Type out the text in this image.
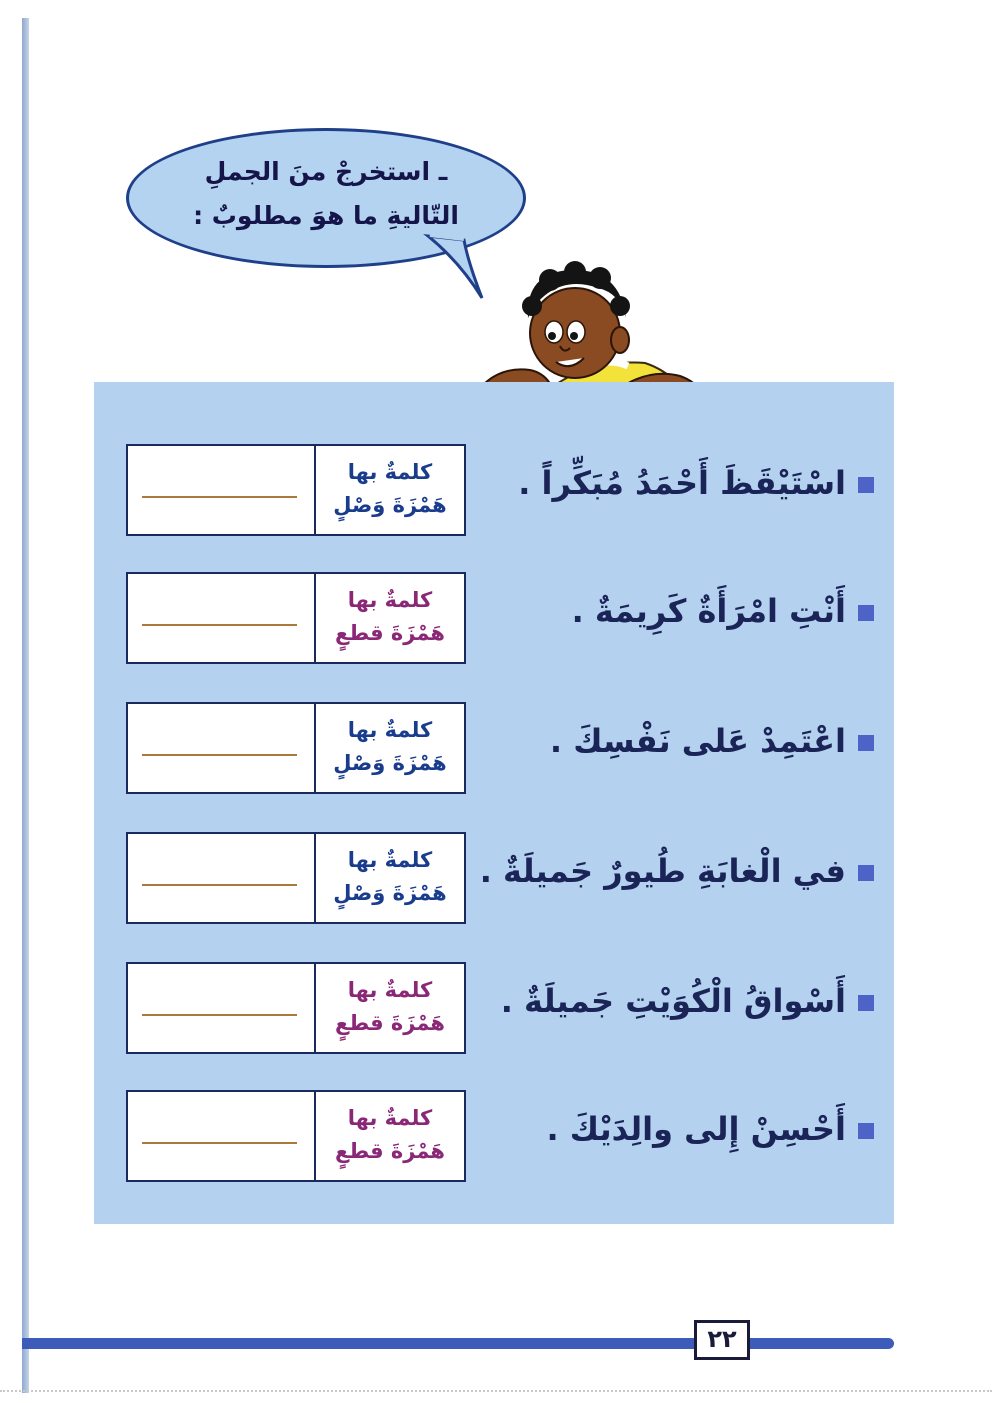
ـ استخرجْ منَ الجملِ
التّاليةِ ما هوَ مطلوبٌ :
كلمةٌ بها
هَمْزَةَ وَصْلٍ
اسْتَيْقَظَ أَحْمَدُ مُبَكِّراً .
كلمةٌ بها
هَمْزَةَ قطعٍ
أَنْتِ امْرَأَةٌ كَرِيمَةٌ .
كلمةٌ بها
هَمْزَةَ وَصْلٍ
اعْتَمِدْ عَلى نَفْسِكَ .
كلمةٌ بها
هَمْزَةَ وَصْلٍ
في الْغابَةِ طُيورٌ جَميلَةٌ .
كلمةٌ بها
هَمْزَةَ قطعٍ
أَسْواقُ الْكُوَيْتِ جَميلَةٌ .
كلمةٌ بها
هَمْزَةَ قطعٍ
أَحْسِنْ إِلى والِدَيْكَ .
٢٢
